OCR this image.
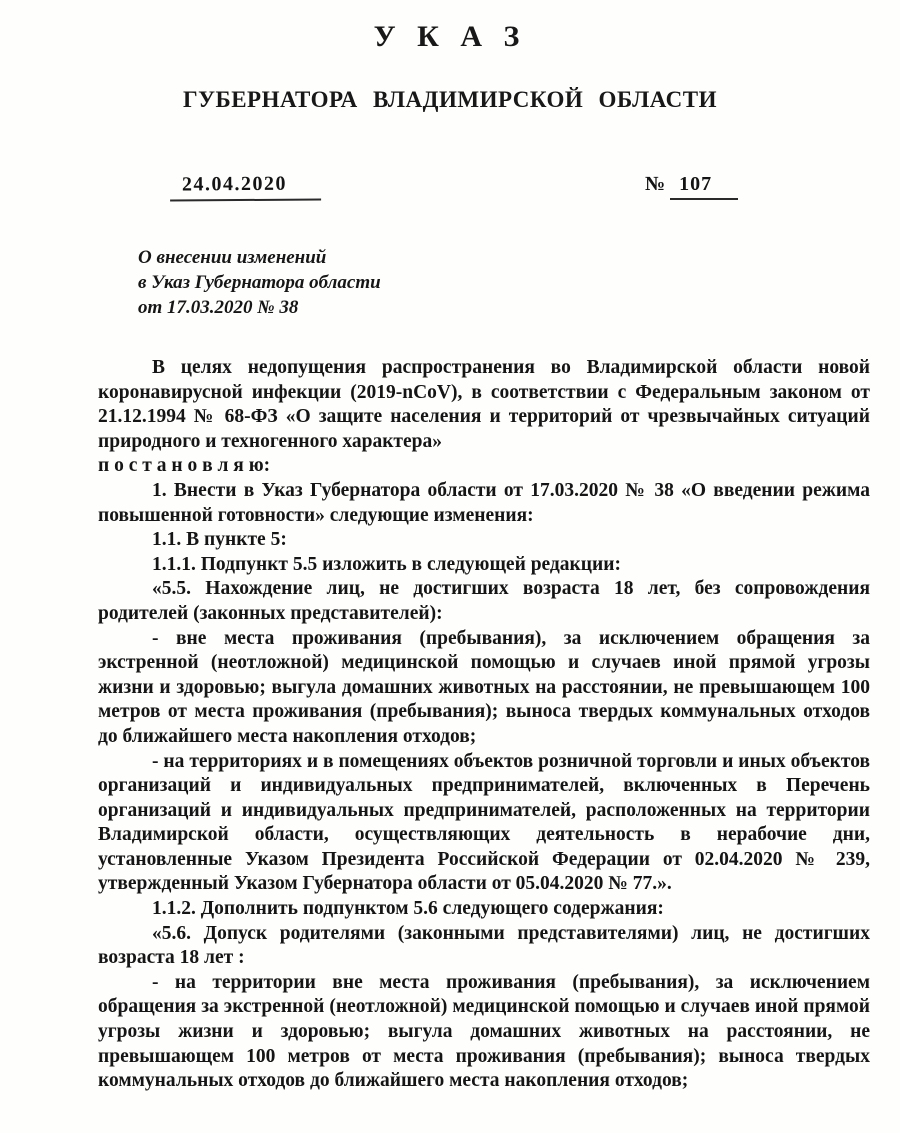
У К А З
ГУБЕРНАТОРА ВЛАДИМИРСКОЙ ОБЛАСТИ
24.04.2020	№ 107
О внесении изменений
в Указ Губернатора области
от 17.03.2020 № 38

В целях недопущения распространения во Владимирской области новой коронавирусной инфекции (2019-nCoV), в соответствии с Федеральным законом от 21.12.1994 № 68-ФЗ «О защите населения и территорий от чрезвычайных ситуаций природного и техногенного характера»

п о с т а н о в л я ю:

1. Внести в Указ Губернатора области от 17.03.2020 № 38 «О введении режима повышенной готовности» следующие изменения:

1.1. В пункте 5:

1.1.1. Подпункт 5.5 изложить в следующей редакции:

«5.5. Нахождение лиц, не достигших возраста 18 лет, без сопровождения родителей (законных представителей):

- вне места проживания (пребывания), за исключением обращения за экстренной (неотложной) медицинской помощью и случаев иной прямой угрозы жизни и здоровью; выгула домашних животных на расстоянии, не превышающем 100 метров от места проживания (пребывания); выноса твердых коммунальных отходов до ближайшего места накопления отходов;

- на территориях и в помещениях объектов розничной торговли и иных объектов организаций и индивидуальных предпринимателей, включенных в Перечень организаций и индивидуальных предпринимателей, расположенных на территории Владимирской области, осуществляющих деятельность в нерабочие дни, установленные Указом Президента Российской Федерации от 02.04.2020 № 239, утвержденный Указом Губернатора области от 05.04.2020 № 77.».

1.1.2. Дополнить подпунктом 5.6 следующего содержания:

«5.6. Допуск родителями (законными представителями) лиц, не достигших возраста 18 лет :

- на территории вне места проживания (пребывания), за исключением обращения за экстренной (неотложной) медицинской помощью и случаев иной прямой угрозы жизни и здоровью; выгула домашних животных на расстоянии, не превышающем 100 метров от места проживания (пребывания); выноса твердых коммунальных отходов до ближайшего места накопления отходов;
